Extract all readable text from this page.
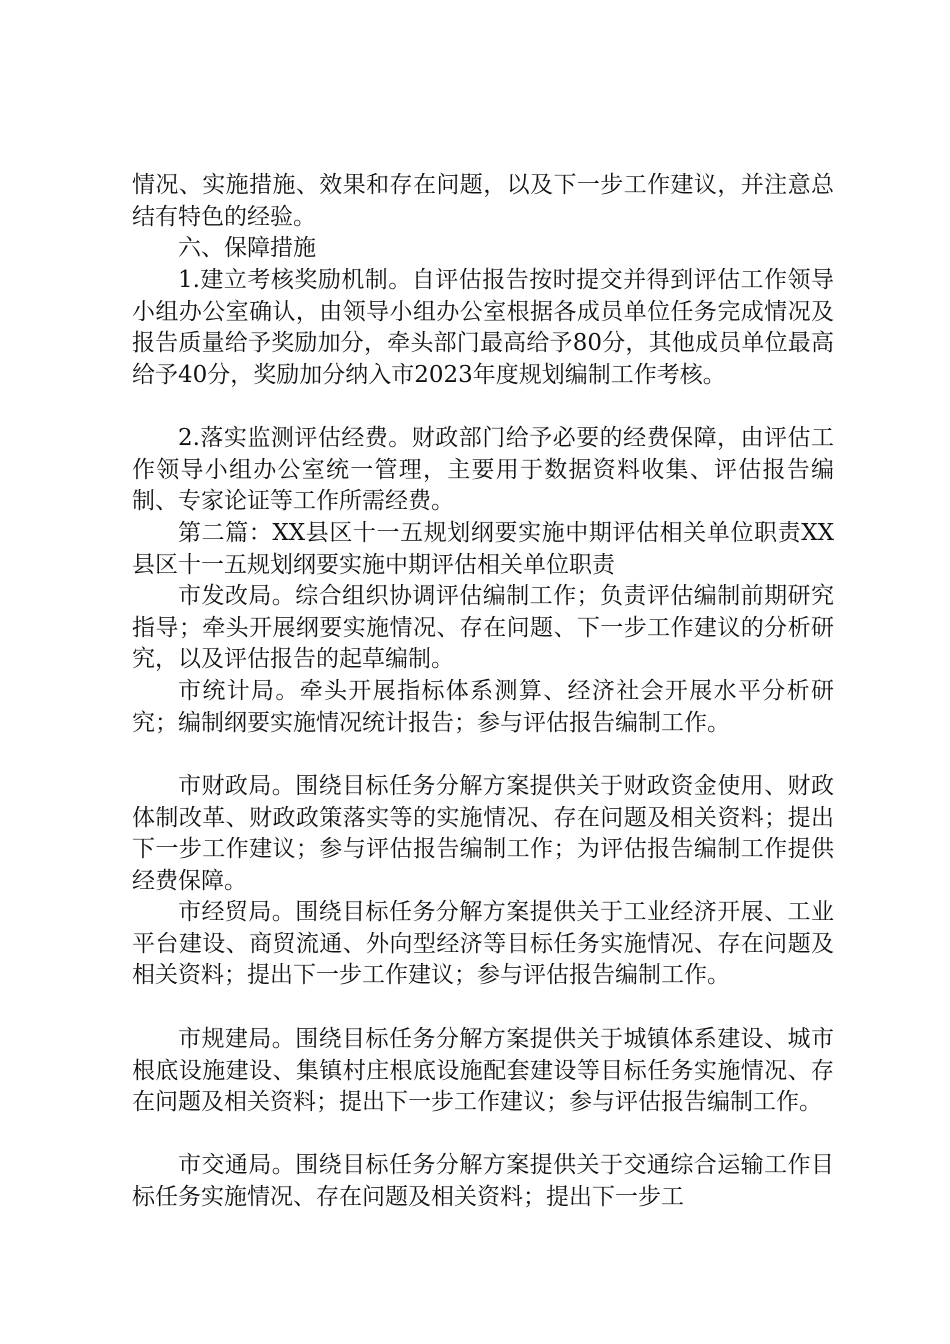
情况、实施措施、效果和存在问题，以及下一步工作建议，并注意总结有特色的经验。

六、保障措施

1.建立考核奖励机制。自评估报告按时提交并得到评估工作领导小组办公室确认，由领导小组办公室根据各成员单位任务完成情况及报告质量给予奖励加分，牵头部门最高给予80分，其他成员单位最高给予40分，奖励加分纳入市2023年度规划编制工作考核。

2.落实监测评估经费。财政部门给予必要的经费保障，由评估工作领导小组办公室统一管理，主要用于数据资料收集、评估报告编制、专家论证等工作所需经费。

第二篇：XX县区十一五规划纲要实施中期评估相关单位职责XX县区十一五规划纲要实施中期评估相关单位职责

市发改局。综合组织协调评估编制工作；负责评估编制前期研究指导；牵头开展纲要实施情况、存在问题、下一步工作建议的分析研究，以及评估报告的起草编制。

市统计局。牵头开展指标体系测算、经济社会开展水平分析研究；编制纲要实施情况统计报告；参与评估报告编制工作。

市财政局。围绕目标任务分解方案提供关于财政资金使用、财政体制改革、财政政策落实等的实施情况、存在问题及相关资料；提出下一步工作建议；参与评估报告编制工作；为评估报告编制工作提供经费保障。

市经贸局。围绕目标任务分解方案提供关于工业经济开展、工业平台建设、商贸流通、外向型经济等目标任务实施情况、存在问题及相关资料；提出下一步工作建议；参与评估报告编制工作。

市规建局。围绕目标任务分解方案提供关于城镇体系建设、城市根底设施建设、集镇村庄根底设施配套建设等目标任务实施情况、存在问题及相关资料；提出下一步工作建议；参与评估报告编制工作。

市交通局。围绕目标任务分解方案提供关于交通综合运输工作目标任务实施情况、存在问题及相关资料；提出下一步工
